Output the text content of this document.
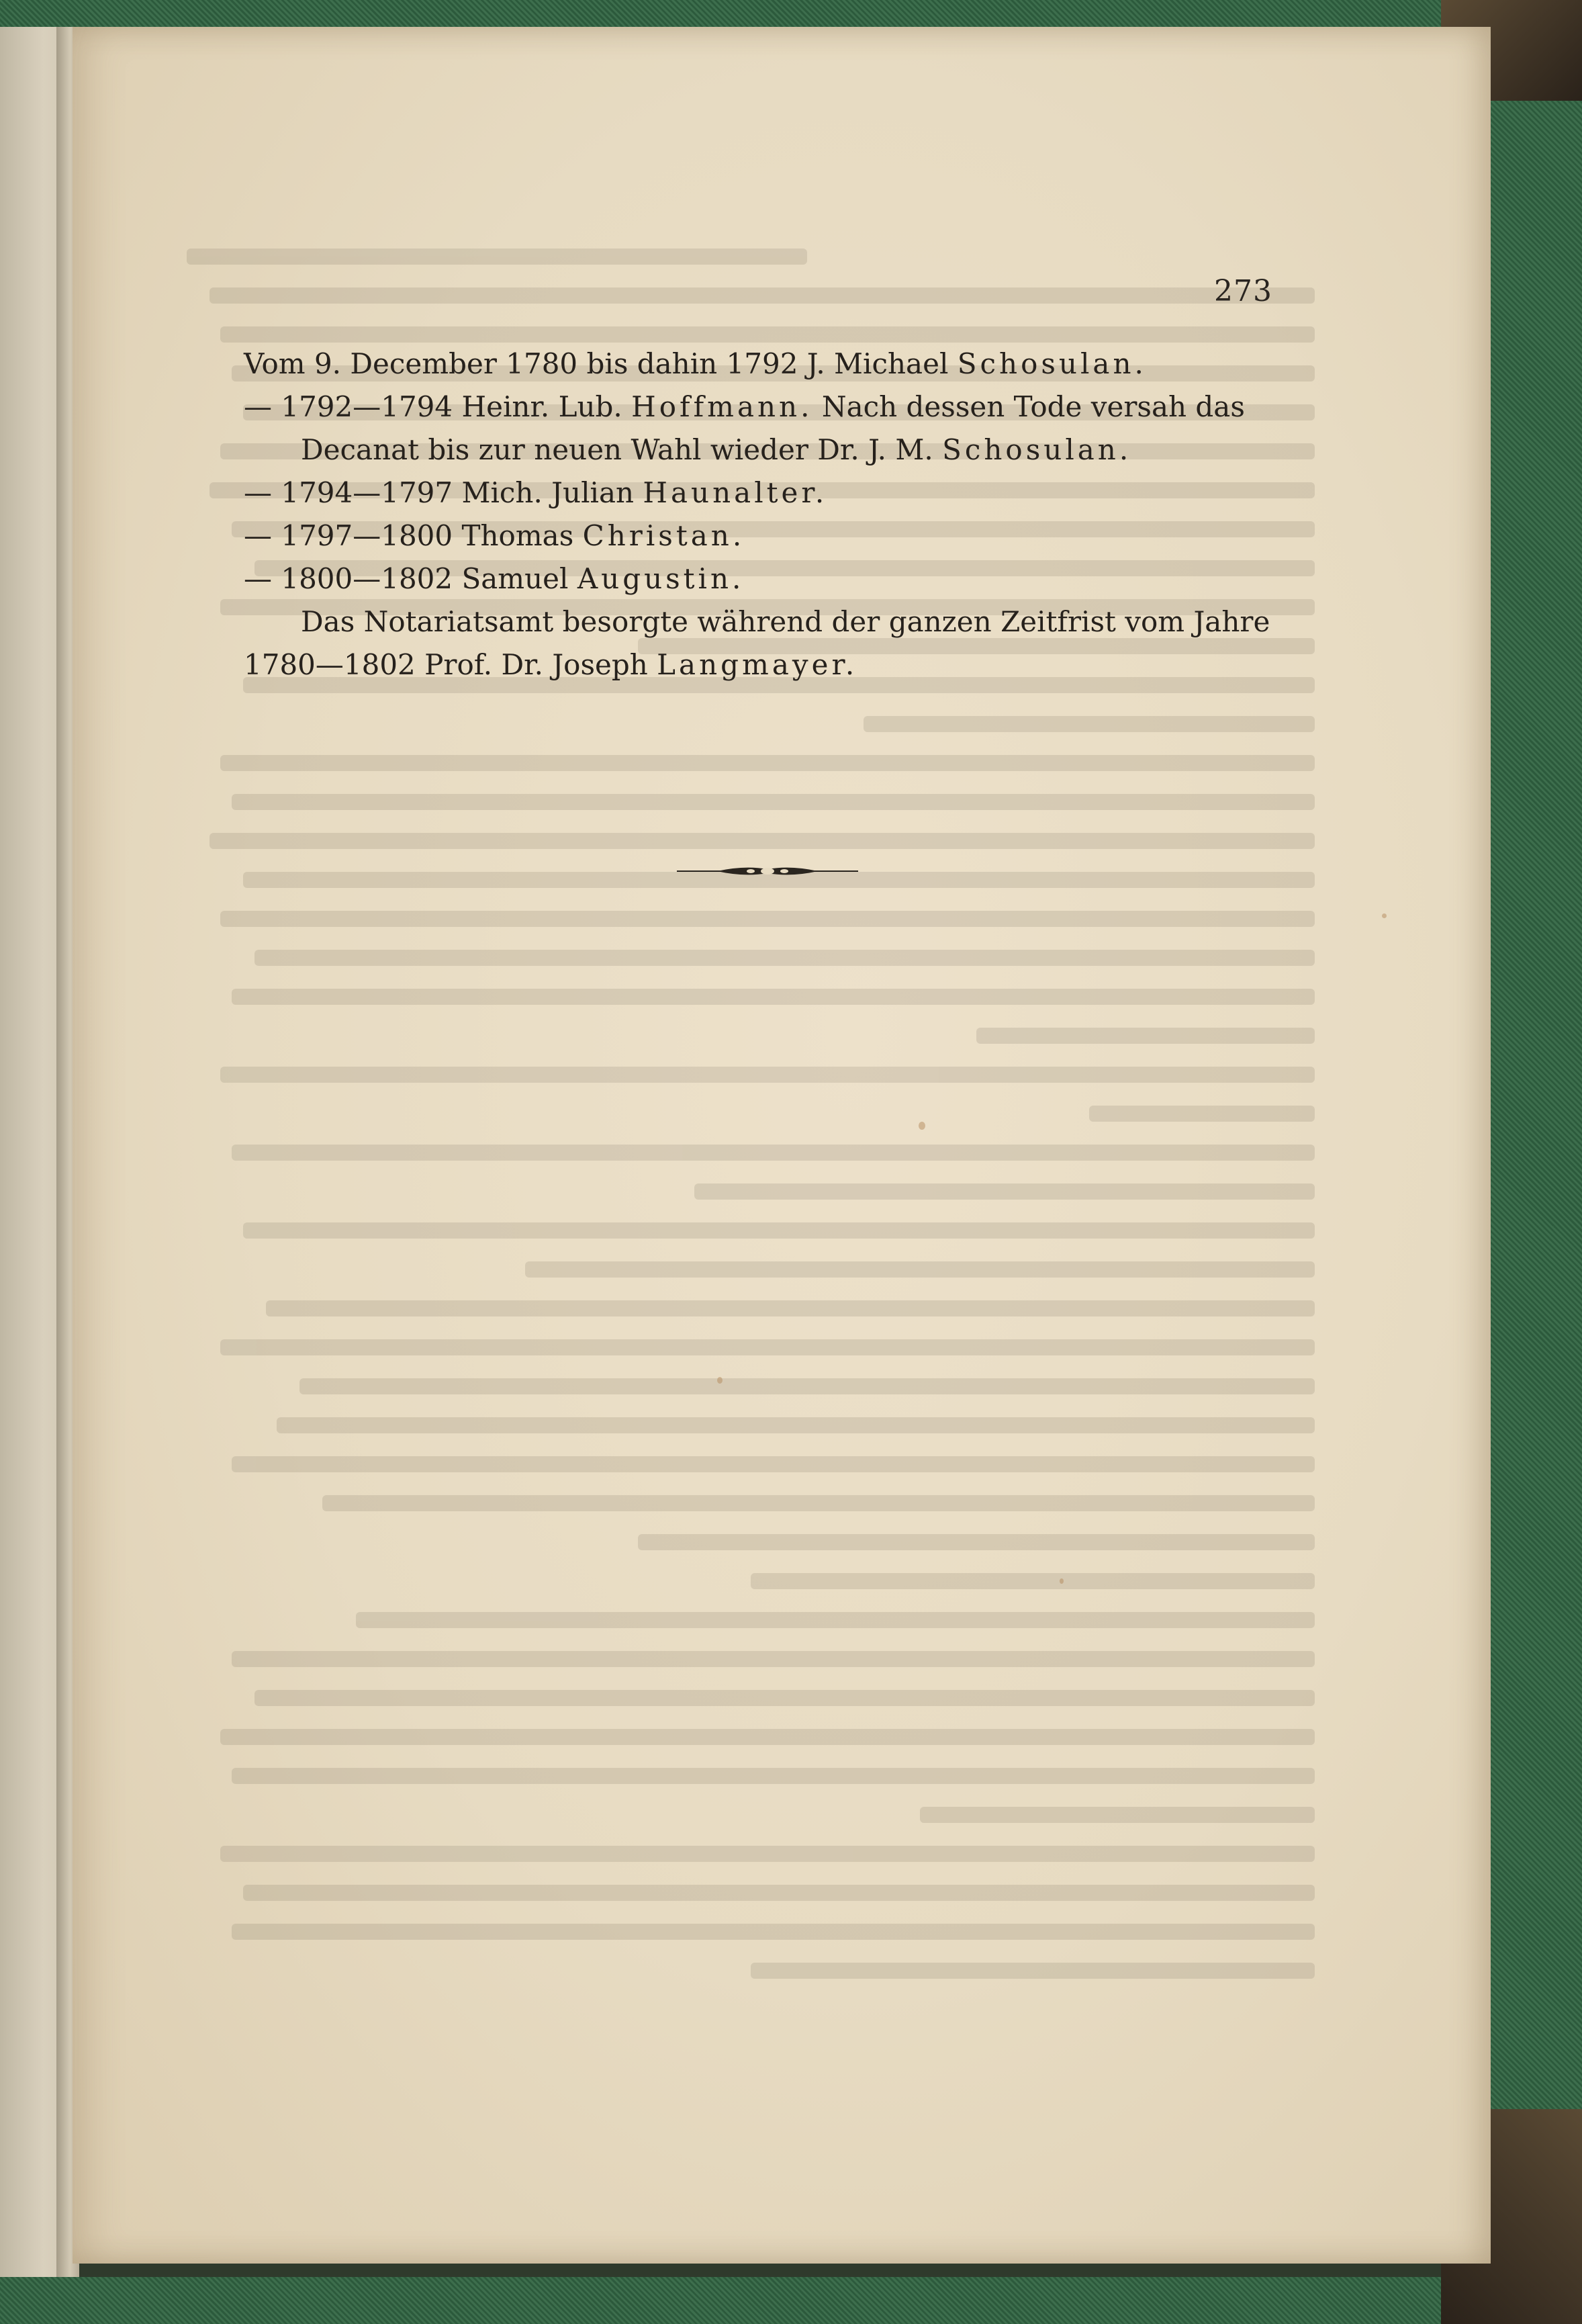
273

Vom 9. December 1780 bis dahin 1792 J. Michael Schosulan.
— 1792—1794 Heinr. Lub. Hoffmann. Nach dessen Tode versah das
Decanat bis zur neuen Wahl wieder Dr. J. M. Schosulan.
— 1794—1797 Mich. Julian Haunalter.
— 1797—1800 Thomas Christan.
— 1800—1802 Samuel Augustin.
Das Notariatsamt besorgte während der ganzen Zeitfrist vom Jahre
1780—1802 Prof. Dr. Joseph Langmayer.
